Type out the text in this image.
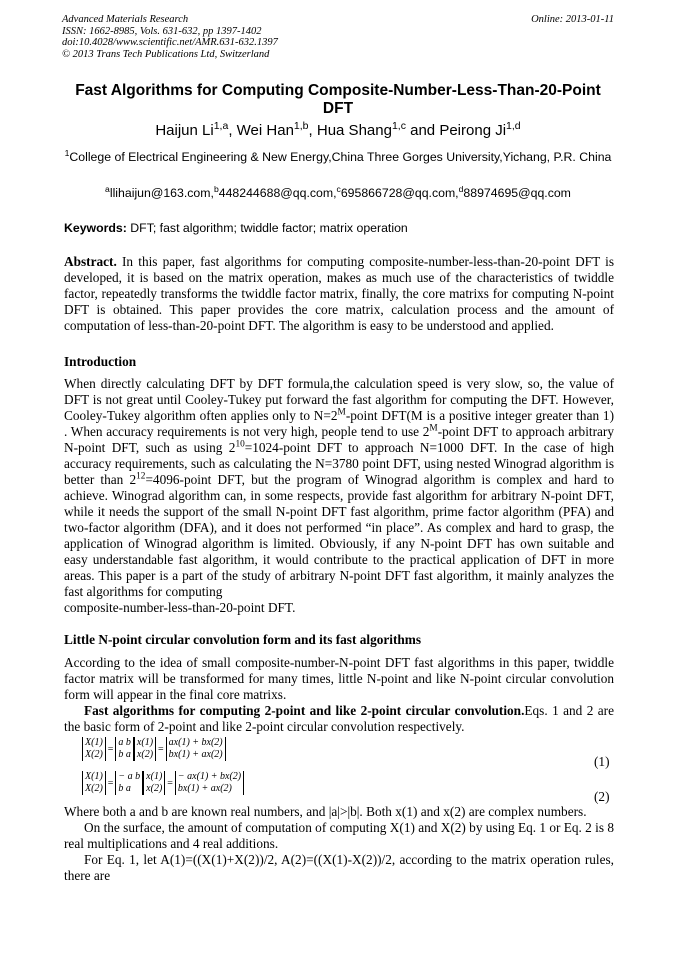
Advanced Materials Research
ISSN: 1662-8985, Vols. 631-632, pp 1397-1402
doi:10.4028/www.scientific.net/AMR.631-632.1397
© 2013 Trans Tech Publications Ltd, Switzerland
Online: 2013-01-11
Fast Algorithms for Computing Composite-Number-Less-Than-20-Point DFT
Haijun Li$^{1,a}$, Wei Han$^{1,b}$, Hua Shang$^{1,c}$ and Peirong Ji$^{1,d}$
$^1$College of Electrical Engineering & New Energy,China Three Gorges University,Yichang, P.R. China
$^a$llihaijun@163.com,$^b$448244688@qq.com,$^c$695866728@qq.com,$^d$88974695@qq.com
Keywords: DFT; fast algorithm; twiddle factor; matrix operation

Abstract. In this paper, fast algorithms for computing composite-number-less-than-20-point DFT is developed, it is based on the matrix operation, makes as much use of the characteristics of twiddle factor, repeatedly transforms the twiddle factor matrix, finally, the core matrixs for computing N-point DFT is obtained. This paper provides the core matrix, calculation process and the amount of computation of less-than-20-point DFT. The algorithm is easy to be understood and applied.

Introduction

When directly calculating DFT by DFT formula,the calculation speed is very slow, so, the value of DFT is not great until Cooley-Tukey put forward the fast algorithm for computing the DFT. However, Cooley-Tukey algorithm often applies only to $N=2^M$-point DFT(M is a positive integer greater than 1) . When accuracy requirements is not very high, people tend to use $2^M$-point DFT to approach arbitrary N-point DFT, such as using $2^{10}=1024$-point DFT to approach N=1000 DFT. In the case of high accuracy requirements, such as calculating the N=3780 point DFT, using nested Winograd algorithm is better than $2^{12}=4096$-point DFT, but the program of Winograd algorithm is complex and hard to achieve. Winograd algorithm can, in some respects, provide fast algorithm for arbitrary N-point DFT, while it needs the support of the small N-point DFT fast algorithm, prime factor algorithm (PFA) and two-factor algorithm (DFA), and it does not performed “in place”. As complex and hard to grasp, the application of Winograd algorithm is limited. Obviously, if any N-point DFT has own suitable and easy understandable fast algorithm, it would contribute to the practical application of DFT in more areas. This paper is a part of the study of arbitrary N-point DFT fast algorithm, it mainly analyzes the fast algorithms for computing

composite-number-less-than-20-point DFT.

Little N-point circular convolution form and its fast algorithms

According to the idea of small composite-number-N-point DFT fast algorithms in this paper, twiddle factor matrix will be transformed for many times, little N-point and like N-point circular convolution form will appear in the final core matrixs.

Fast algorithms for computing 2-point and like 2-point circular convolution.Eqs. 1 and 2 are the basic form of 2-point and like 2-point circular convolution respectively.

X(1)
X(2) =
a b
b a
x(1)
x(2) =
ax(1) + bx(2)
bx(1) + ax(2)	(1)
X(1)
X(2) =
− a b
b a
x(1)
x(2) =
− ax(1) + bx(2)
bx(1) + ax(2)
(2)

Where both a and b are known real numbers, and |a|>|b|. Both x(1) and x(2) are complex numbers.

On the surface, the amount of computation of computing X(1) and X(2) by using Eq. 1 or Eq. 2 is 8 real multiplications and 4 real additions.

For Eq. 1, let A(1)=((X(1)+X(2))/2, A(2)=((X(1)-X(2))/2, according to the matrix operation rules, there are
